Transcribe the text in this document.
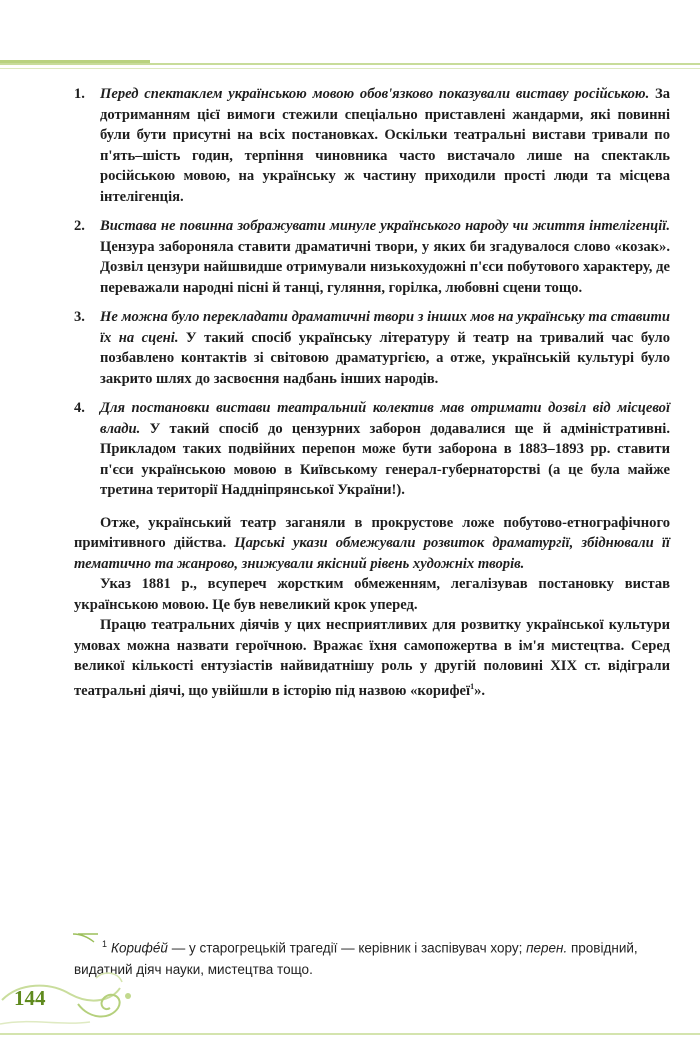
1. Перед спектаклем українською мовою обов'язково показували виставу російською. За дотриманням цієї вимоги стежили спеціально приставлені жандарми, які повинні були бути присутні на всіх постановках. Оскільки театральні вистави тривали по п'ять–шість годин, терпіння чиновника часто вистачало лише на спектакль російською мовою, на українську ж частину приходили прості люди та місцева інтелігенція.

2. Вистава не повинна зображувати минуле українського народу чи життя інтелігенції. Цензура забороняла ставити драматичні твори, у яких би згадувалося слово «козак». Дозвіл цензури найшвидше отримували низькохудожні п'єси побутового характеру, де переважали народні пісні й танці, гуляння, горілка, любовні сцени тощо.

3. Не можна було перекладати драматичні твори з інших мов на українську та ставити їх на сцені. У такий спосіб українську літературу й театр на тривалий час було позбавлено контактів зі світовою драматургією, а отже, українській культурі було закрито шлях до засвоєння надбань інших народів.

4. Для постановки вистави театральний колектив мав отримати дозвіл від місцевої влади. У такий спосіб до цензурних заборон додавалися ще й адміністративні. Прикладом таких подвійних перепон може бути заборона в 1883–1893 рр. ставити п'єси українською мовою в Київському генерал-губернаторстві (а це була майже третина території Наддніпрянської України!).

Отже, український театр заганяли в прокрустове ложе побутово-етнографічного примітивного дійства. Царські укази обмежували розвиток драматургії, збіднювали її тематично та жанрово, знижували якісний рівень художніх творів.

Указ 1881 р., всупереч жорстким обмеженням, легалізував постановку вистав українською мовою. Це був невеликий крок уперед.

Працю театральних діячів у цих несприятливих для розвитку української культури умовах можна назвати героїчною. Вражає їхня самопожертва в ім'я мистецтва. Серед великої кількості ентузіастів найвидатнішу роль у другій половині XIX ст. відіграли театральні діячі, що увійшли в історію під назвою «корифеї$^1$».

$^1$ Корифе́й — у старогрецькій трагедії — керівник і заспівувач хору; перен. провідний, видатний діяч науки, мистецтва тощо.
144
